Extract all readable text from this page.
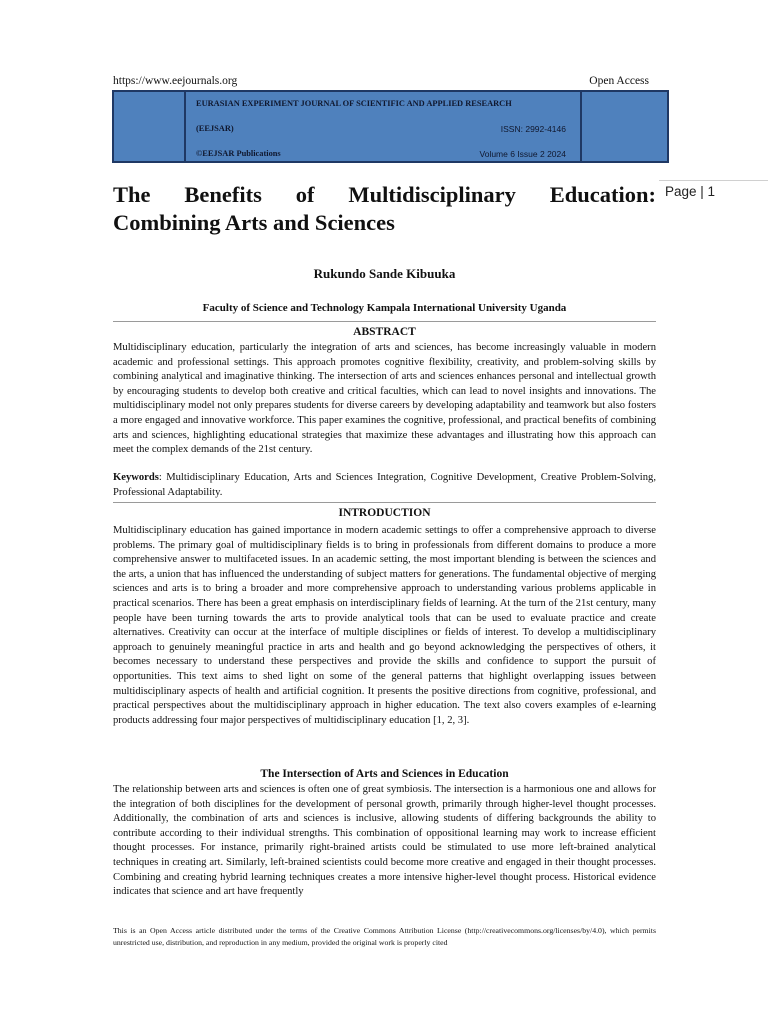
https://www.eejournals.org	Open Access
EURASIAN EXPERIMENT JOURNAL OF SCIENTIFIC AND APPLIED RESEARCH
(EEJSAR)	ISSN: 2992-4146
©EEJSAR Publications	Volume 6 Issue 2 2024
Page | 1
The Benefits of Multidisciplinary Education: Combining Arts and Sciences
Rukundo Sande Kibuuka
Faculty of Science and Technology Kampala International University Uganda
ABSTRACT

Multidisciplinary education, particularly the integration of arts and sciences, has become increasingly valuable in modern academic and professional settings. This approach promotes cognitive flexibility, creativity, and problem-solving skills by combining analytical and imaginative thinking. The intersection of arts and sciences enhances personal and intellectual growth by encouraging students to develop both creative and critical faculties, which can lead to novel insights and innovations. The multidisciplinary model not only prepares students for diverse careers by developing adaptability and teamwork but also fosters a more engaged and innovative workforce. This paper examines the cognitive, professional, and practical benefits of combining arts and sciences, highlighting educational strategies that maximize these advantages and illustrating how this approach can meet the complex demands of the 21st century.

Keywords: Multidisciplinary Education, Arts and Sciences Integration, Cognitive Development, Creative Problem-Solving, Professional Adaptability.

INTRODUCTION

Multidisciplinary education has gained importance in modern academic settings to offer a comprehensive approach to diverse problems. The primary goal of multidisciplinary fields is to bring in professionals from different domains to produce a more comprehensive answer to multifaceted issues. In an academic setting, the most important blending is between the sciences and the arts, a union that has influenced the understanding of subject matters for generations. The fundamental objective of merging sciences and arts is to bring a broader and more comprehensive approach to understanding various problems applicable in practical scenarios. There has been a great emphasis on interdisciplinary fields of learning. At the turn of the 21st century, many people have been turning towards the arts to provide analytical tools that can be used to evaluate practice and create alternatives. Creativity can occur at the interface of multiple disciplines or fields of interest. To develop a multidisciplinary approach to genuinely meaningful practice in arts and health and go beyond acknowledging the perspectives of others, it becomes necessary to understand these perspectives and provide the skills and confidence to support the pursuit of opportunities. This text aims to shed light on some of the general patterns that highlight overlapping issues between multidisciplinary aspects of health and artificial cognition. It presents the positive directions from cognitive, professional, and practical perspectives about the multidisciplinary approach in higher education. The text also covers examples of e-learning products addressing four major perspectives of multidisciplinary education [1, 2, 3].

The Intersection of Arts and Sciences in Education

The relationship between arts and sciences is often one of great symbiosis. The intersection is a harmonious one and allows for the integration of both disciplines for the development of personal growth, primarily through higher-level thought processes. Additionally, the combination of arts and sciences is inclusive, allowing students of differing backgrounds the ability to contribute according to their individual strengths. This combination of oppositional learning may work to increase efficient thought processes. For instance, primarily right-brained artists could be stimulated to use more left-brained analytical techniques in creating art. Similarly, left-brained scientists could become more creative and engaged in their thought processes. Combining and creating hybrid learning techniques creates a more intensive higher-level thought process. Historical evidence indicates that science and art have frequently

This is an Open Access article distributed under the terms of the Creative Commons Attribution License (http://creativecommons.org/licenses/by/4.0), which permits unrestricted use, distribution, and reproduction in any medium, provided the original work is properly cited
